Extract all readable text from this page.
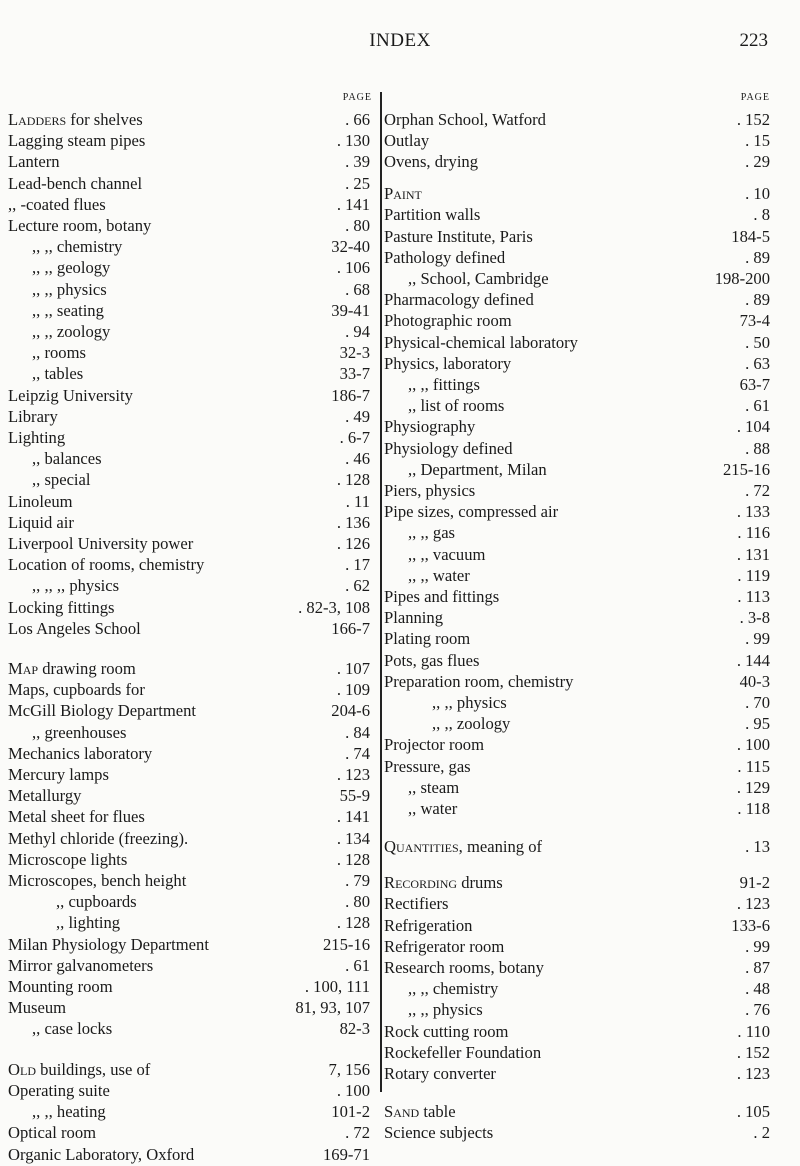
INDEX	223
PAGE
Ladders for shelves	. 66
Lagging steam pipes	. 130
Lantern	. 39
Lead-bench channel	. 25
,, -coated flues	. 141
Lecture room, botany	. 80
,, ,, chemistry	32-40
,, ,, geology	. 106
,, ,, physics	. 68
,, ,, seating	39-41
,, ,, zoology	. 94
,, rooms	32-3
,, tables	33-7
Leipzig University	186-7
Library	. 49
Lighting	. 6-7
,, balances	. 46
,, special	. 128
Linoleum	. 11
Liquid air	. 136
Liverpool University power	. 126
Location of rooms, chemistry	. 17
,, ,, ,, physics	. 62
Locking fittings	. 82-3, 108
Los Angeles School	166-7
Map drawing room	. 107
Maps, cupboards for	. 109
McGill Biology Department	204-6
,, greenhouses	. 84
Mechanics laboratory	. 74
Mercury lamps	. 123
Metallurgy	55-9
Metal sheet for flues	. 141
Methyl chloride (freezing).	. 134
Microscope lights	. 128
Microscopes, bench height	. 79
,, cupboards	. 80
,, lighting	. 128
Milan Physiology Department	215-16
Mirror galvanometers	. 61
Mounting room	. 100, 111
Museum	81, 93, 107
,, case locks	82-3
Old buildings, use of	7, 156
Operating suite	. 100
,, ,, heating	101-2
Optical room	. 72
Organic Laboratory, Oxford	169-71
PAGE
Orphan School, Watford	. 152
Outlay	. 15
Ovens, drying	. 29
Paint	. 10
Partition walls	. 8
Pasture Institute, Paris	184-5
Pathology defined	. 89
,, School, Cambridge	198-200
Pharmacology defined	. 89
Photographic room	73-4
Physical-chemical laboratory	. 50
Physics, laboratory	. 63
,, ,, fittings	63-7
,, list of rooms	. 61
Physiography	. 104
Physiology defined	. 88
,, Department, Milan	215-16
Piers, physics	. 72
Pipe sizes, compressed air	. 133
,, ,, gas	. 116
,, ,, vacuum	. 131
,, ,, water	. 119
Pipes and fittings	. 113
Planning	. 3-8
Plating room	. 99
Pots, gas flues	. 144
Preparation room, chemistry	40-3
,, ,, physics	. 70
,, ,, zoology	. 95
Projector room	. 100
Pressure, gas	. 115
,, steam	. 129
,, water	. 118
Quantities, meaning of	. 13
Recording drums	91-2
Rectifiers	. 123
Refrigeration	133-6
Refrigerator room	. 99
Research rooms, botany	. 87
,, ,, chemistry	. 48
,, ,, physics	. 76
Rock cutting room	. 110
Rockefeller Foundation	. 152
Rotary converter	. 123
Sand table	. 105
Science subjects	. 2
